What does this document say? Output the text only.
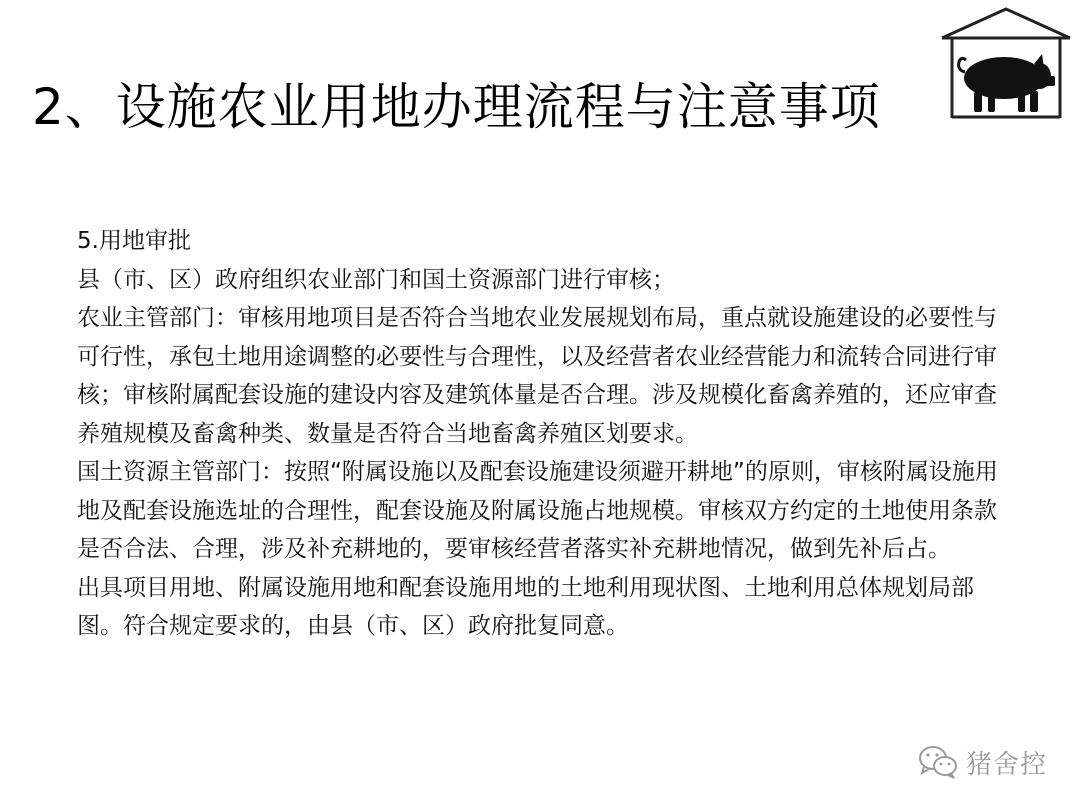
2、设施农业用地办理流程与注意事项

5.用地审批

县（市、区）政府组织农业部门和国土资源部门进行审核；

农业主管部门：审核用地项目是否符合当地农业发展规划布局，重点就设施建设的必要性与可行性，承包土地用途调整的必要性与合理性，以及经营者农业经营能力和流转合同进行审核；审核附属配套设施的建设内容及建筑体量是否合理。涉及规模化畜禽养殖的，还应审查养殖规模及畜禽种类、数量是否符合当地畜禽养殖区划要求。

国土资源主管部门：按照“附属设施以及配套设施建设须避开耕地”的原则，审核附属设施用地及配套设施选址的合理性，配套设施及附属设施占地规模。审核双方约定的土地使用条款是否合法、合理，涉及补充耕地的，要审核经营者落实补充耕地情况，做到先补后占。

出具项目用地、附属设施用地和配套设施用地的土地利用现状图、土地利用总体规划局部图。符合规定要求的，由县（市、区）政府批复同意。

猪舍控
